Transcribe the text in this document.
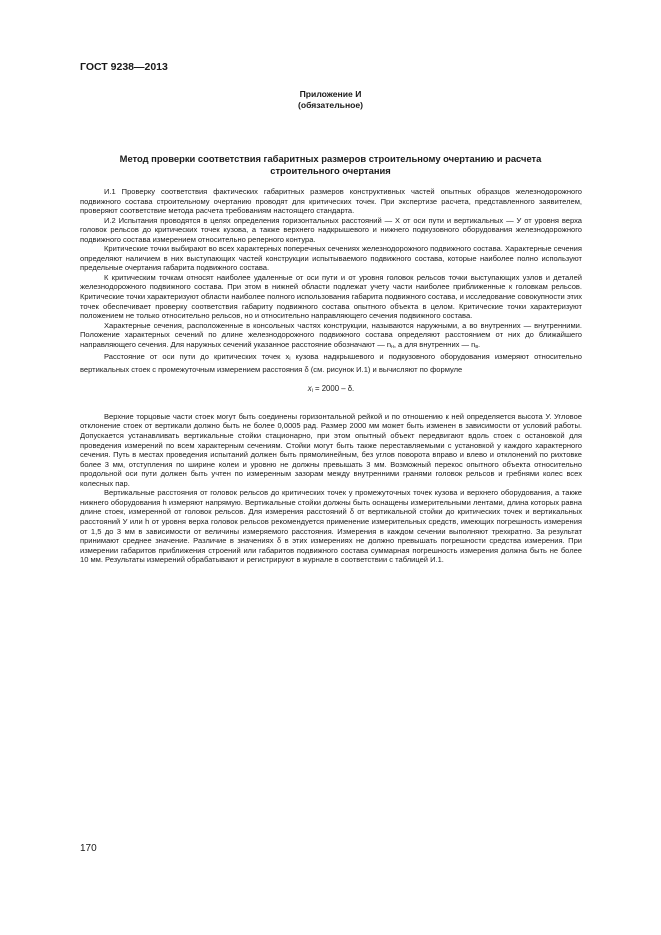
ГОСТ 9238—2013
Приложение И
(обязательное)
Метод проверки соответствия габаритных размеров строительному очертанию и расчета строительного очертания

И.1 Проверку соответствия фактических габаритных размеров конструктивных частей опытных образцов железнодорожного подвижного состава строительному очертанию проводят для критических точек. При экспертизе расчета, представленного заявителем, проверяют соответствие метода расчета требованиям настоящего стандарта.

И.2 Испытания проводятся в целях определения горизонтальных расстояний — X от оси пути и вертикальных — У от уровня верха головок рельсов до критических точек кузова, а также верхнего надкрышевого и нижнего подкузовного оборудования железнодорожного подвижного состава измерением относительно реперного контура.

Критические точки выбирают во всех характерных поперечных сечениях железнодорожного подвижного состава. Характерные сечения определяют наличием в них выступающих частей конструкции испытываемого подвижного состава, которые наиболее полно используют предельные очертания габарита подвижного состава.

К критическим точкам относят наиболее удаленные от оси пути и от уровня головок рельсов точки выступающих узлов и деталей железнодорожного подвижного состава. При этом в нижней области подлежат учету части наиболее приближенные к головкам рельсов. Критические точки характеризуют области наиболее полного использования габарита подвижного состава, и исследование совокупности этих точек обеспечивает проверку соответствия габариту подвижного состава опытного объекта в целом. Критические точки характеризуют положением не только относительно рельсов, но и относительно направляющего сечения подвижного состава.

Характерные сечения, расположенные в консольных частях конструкции, называются наружными, а во внутренних — внутренними. Положение характерных сечений по длине железнодорожного подвижного состава определяют расстоянием от них до ближайшего направляющего сечения. Для наружных сечений указанное расстояние обозначают — $n_н$, а для внутренних — $n_в$.

Расстояние от оси пути до критических точек $x_i$ кузова надкрышевого и подкузовного оборудования измеряют относительно вертикальных стоек с промежуточным измерением расстояния δ (см. рисунок И.1) и вычисляют по формуле

$x_i = 2000 - \delta$.

Верхние торцовые части стоек могут быть соединены горизонтальной рейкой и по отношению к ней определяется высота У. Угловое отклонение стоек от вертикали должно быть не более 0,0005 рад. Размер 2000 мм может быть изменен в зависимости от условий работы. Допускается устанавливать вертикальные стойки стационарно, при этом опытный объект передвигают вдоль стоек с остановкой для проведения измерений по всем характерным сечениям. Стойки могут быть также переставляемыми с установкой у каждого характерного сечения. Путь в местах проведения испытаний должен быть прямолинейным, без углов поворота вправо и влево и отклонений по рихтовке более 3 мм, отступления по ширине колеи и уровню не должны превышать 3 мм. Возможный перекос опытного объекта относительно продольной оси пути должен быть учтен по измеренным зазорам между внутренними гранями головок рельсов и гребнями колес всех колесных пар.

Вертикальные расстояния от головок рельсов до критических точек у промежуточных точек кузова и верхнего оборудования, а также нижнего оборудования h измеряют напрямую. Вертикальные стойки должны быть оснащены измерительными лентами, длина которых равна длине стоек, измеренной от головок рельсов. Для измерения расстояний δ от вертикальной стойки до критических точек и вертикальных расстояний У или h от уровня верха головок рельсов рекомендуется применение измерительных средств, имеющих погрешность измерения от 1,5 до 3 мм в зависимости от величины измеряемого расстояния. Измерения в каждом сечении выполняют трехкратно. За результат принимают среднее значение. Различие в значениях δ в этих измерениях не должно превышать погрешности средства измерения. При измерении габаритов приближения строений или габаритов подвижного состава суммарная погрешность измерения должна быть не более 10 мм. Результаты измерений обрабатывают и регистрируют в журнале в соответствии с таблицей И.1.

170
